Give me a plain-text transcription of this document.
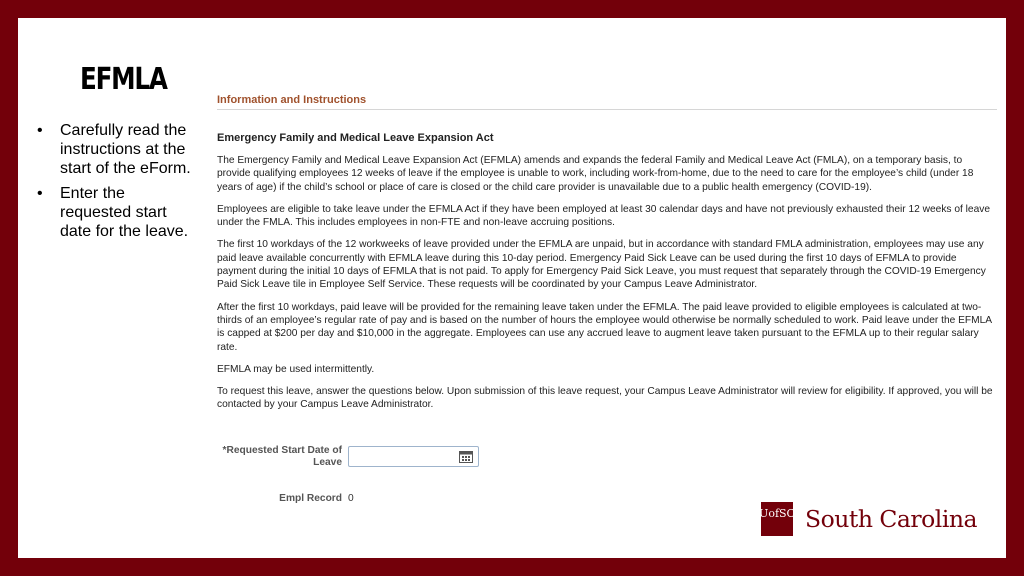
EFMLA
• Carefully read the instructions at the start of the eForm.
• Enter the requested start date for the leave.
Information and Instructions
Emergency Family and Medical Leave Expansion Act

The Emergency Family and Medical Leave Expansion Act (EFMLA) amends and expands the federal Family and Medical Leave Act (FMLA), on a temporary basis, to provide qualifying employees 12 weeks of leave if the employee is unable to work, including work-from-home, due to the need to care for the employee’s child (under 18 years of age) if the child’s school or place of care is closed or the child care provider is unavailable due to a public health emergency (COVID-19).

Employees are eligible to take leave under the EFMLA Act if they have been employed at least 30 calendar days and have not previously exhausted their 12 weeks of leave under the FMLA. This includes employees in non-FTE and non-leave accruing positions.

The first 10 workdays of the 12 workweeks of leave provided under the EFMLA are unpaid, but in accordance with standard FMLA administration, employees may use any paid leave available concurrently with EFMLA leave during this 10-day period. Emergency Paid Sick Leave can be used during the first 10 days of EFMLA to provide payment during the initial 10 days of EFMLA that is not paid. To apply for Emergency Paid Sick Leave, you must request that separately through the COVID-19 Emergency Paid Sick Leave tile in Employee Self Service. These requests will be coordinated by your Campus Leave Administrator.

After the first 10 workdays, paid leave will be provided for the remaining leave taken under the EFMLA. The paid leave provided to eligible employees is calculated at two-thirds of an employee’s regular rate of pay and is based on the number of hours the employee would otherwise be normally scheduled to work. Paid leave under the EFMLA is capped at $200 per day and $10,000 in the aggregate. Employees can use any accrued leave to augment leave taken pursuant to the EFMLA up to their regular salary rate.

EFMLA may be used intermittently.

To request this leave, answer the questions below. Upon submission of this leave request, your Campus Leave Administrator will review for eligibility. If approved, you will be contacted by your Campus Leave Administrator.

*Requested Start Date of Leave
Empl Record 0
UofSC South Carolina
